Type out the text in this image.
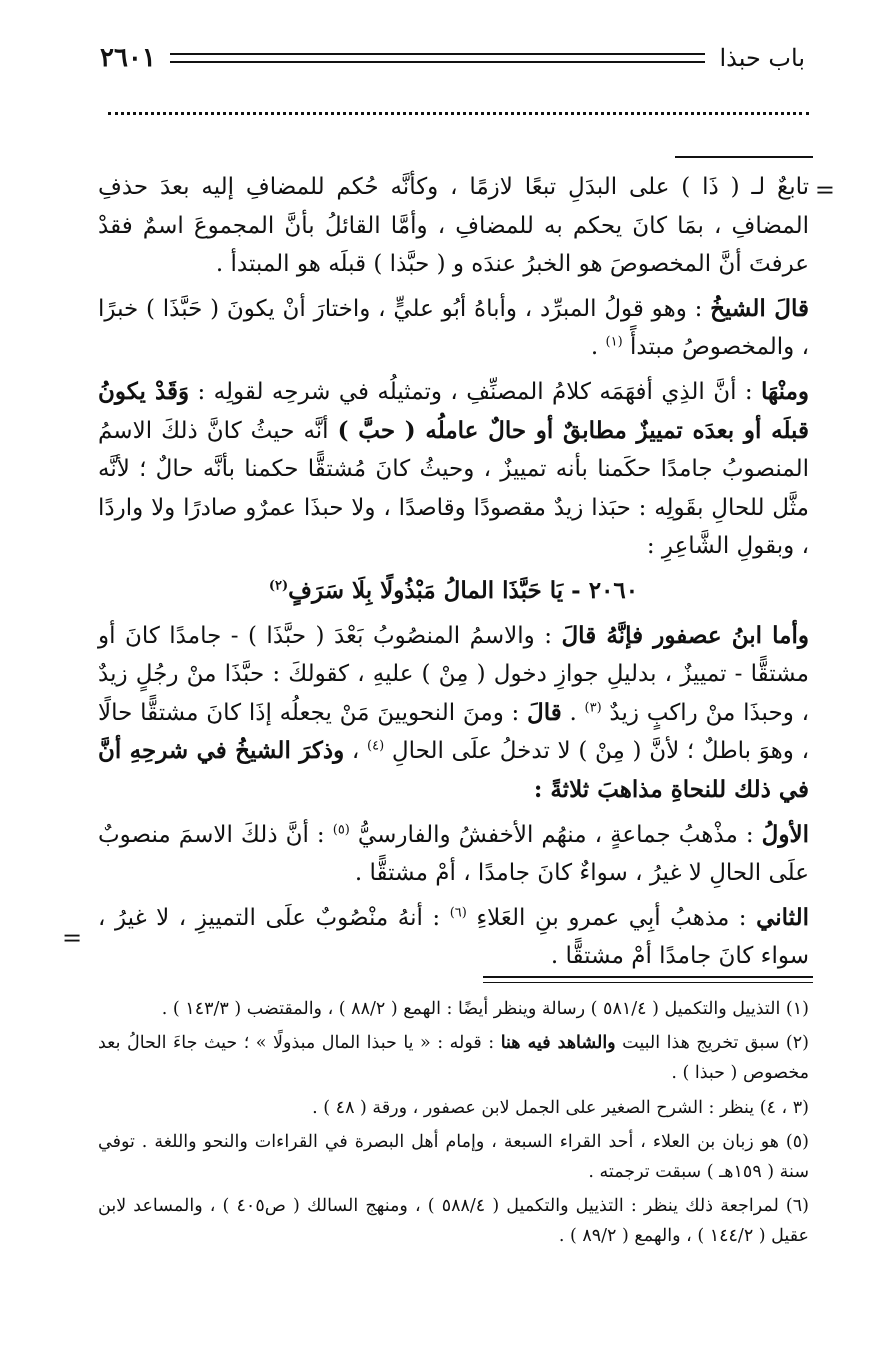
باب حبذا
٢٦٠١
=
=

تابعٌ لـ ( ذَا ) على البدَلِ تبعًا لازمًا ، وكأنَّه حُكم للمضافِ إليه بعدَ حذفِ المضافِ ، بمَا كانَ يحكم به للمضافِ ، وأمَّا القائلُ بأنَّ المجموعَ اسمٌ فقدْ عرفتَ أنَّ المخصوصَ هو الخبرُ عندَه و ( حبَّذا ) قبلَه هو المبتدأ .

قالَ الشيخُ : وهو قولُ المبرِّد ، وأباهُ أبُو عليٍّ ، واختارَ أنْ يكونَ ( حَبَّذَا ) خبرًا ، والمخصوصُ مبتدأً $^{(١)}$ .

ومنْهَا : أنَّ الذِي أفهَمَه كلامُ المصنِّفِ ، وتمثيلُه في شرحِه لقولِه : وَقَدْ يكونُ قبلَه أو بعدَه تمييزٌ مطابقٌ أو حالٌ عاملُه ( حبَّ ) أنَّه حيثُ كانَّ ذلكَ الاسمُ المنصوبُ جامدًا حكَمنا بأنه تمييزٌ ، وحيثُ كانَ مُشتقًّا حكمنا بأنَّه حالٌ ؛ لأنَّه مثَّل للحالِ بقَولِه : حبَذا زيدٌ مقصودًا وقاصدًا ، ولا حبذَا عمرٌو صادرًا ولا واردًا ، وبقولِ الشَّاعِرِ :

٢٠٦٠ - يَا حَبَّذَا المالُ مَبْذُولًا بِلَا سَرَفٍ$^{(٢)}$

وأما ابنُ عصفور فإنَّهُ قالَ : والاسمُ المنصُوبُ بَعْدَ ( حبَّذَا ) - جامدًا كانَ أو مشتقًّا - تمييزٌ ، بدليلِ جوازِ دخول ( مِنْ ) عليهِ ، كقولكَ : حبَّذَا منْ رجُلٍ زيدٌ ، وحبذَا منْ راكبٍ زيدٌ $^{(٣)}$ . قالَ : ومنَ النحويينَ مَنْ يجعلُه إذَا كانَ مشتقًّا حالًا ، وهوَ باطلٌ ؛ لأنَّ ( مِنْ ) لا تدخلُ علَى الحالِ $^{(٤)}$ ، وذكرَ الشيخُ في شرحِهِ أنَّ في ذلك للنحاةِ مذاهبَ ثلاثةً :

الأولُ : مذْهبُ جماعةٍ ، منهُم الأخفشُ والفارسيُّ $^{(٥)}$ : أنَّ ذلكَ الاسمَ منصوبٌ علَى الحالِ لا غيرُ ، سواءٌ كانَ جامدًا ، أمْ مشتقًّا .

الثاني : مذهبُ أبِي عمرو بنِ العَلاءِ $^{(٦)}$ : أنهُ منْصُوبٌ علَى التمييزِ ، لا غيرُ ، سواء كانَ جامدًا أمْ مشتقًّا .

(١) التذييل والتكميل ( ٥٨١/٤ ) رسالة وينظر أيضًا : الهمع ( ٨٨/٢ ) ، والمقتضب ( ١٤٣/٣ ) .

(٢) سبق تخريج هذا البيت والشاهد فيه هنا : قوله : « يا حبذا المال مبذولًا » ؛ حيث جاءَ الحالُ بعد مخصوص ( حبذا ) .

(٣ ، ٤) ينظر : الشرح الصغير على الجمل لابن عصفور ، ورقة ( ٤٨ ) .

(٥) هو زبان بن العلاء ، أحد القراء السبعة ، وإمام أهل البصرة في القراءات والنحو واللغة . توفي سنة ( ١٥٩هـ ) سبقت ترجمته .

(٦) لمراجعة ذلك ينظر : التذييل والتكميل ( ٥٨٨/٤ ) ، ومنهج السالك ( ص٤٠٥ ) ، والمساعد لابن عقيل ( ١٤٤/٢ ) ، والهمع ( ٨٩/٢ ) .
